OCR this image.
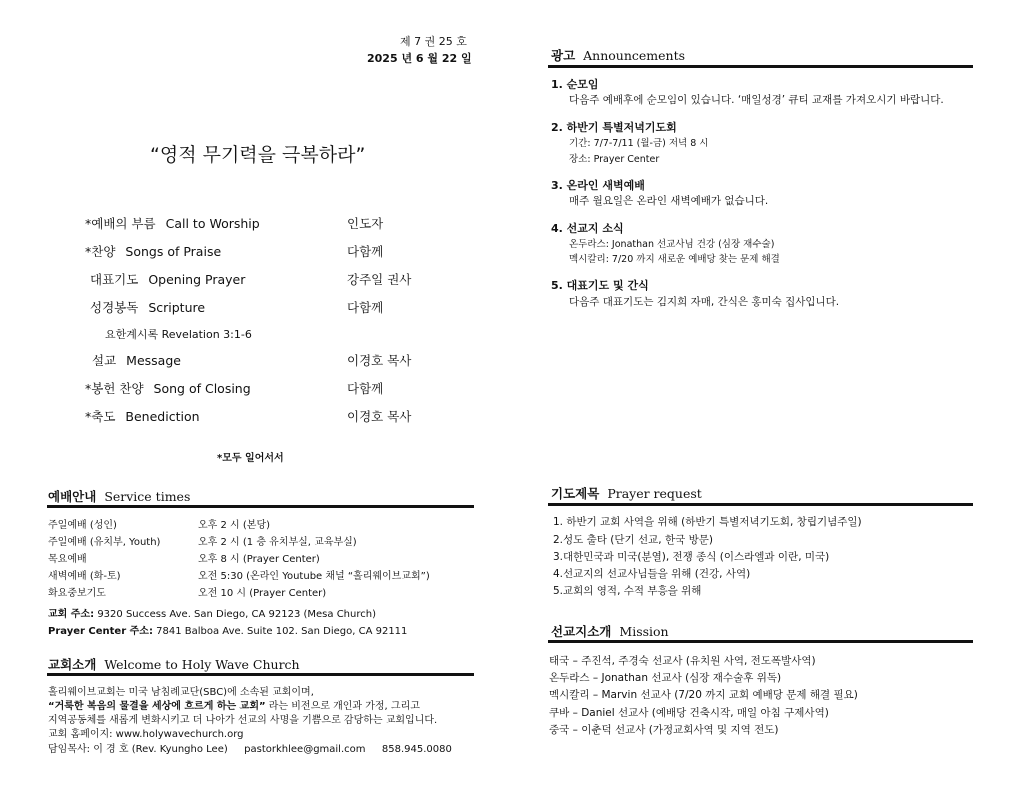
제 7 권 25 호
2025 년 6 월 22 일
“영적 무기력을 극복하라”
*예배의 부름 Call to Worship	인도자
*찬양 Songs of Praise	다함께
대표기도 Opening Prayer	강주일 권사
성경봉독 Scripture	다함께
요한계시록 Revelation 3:1-6
설교 Message	이경호 목사
*봉헌 찬양 Song of Closing	다함께
*축도 Benediction	이경호 목사
*모두 일어서서
예배안내 Service times
주일예배 (성인)	오후 2 시 (본당)
주일예배 (유치부, Youth)	오후 2 시 (1 층 유치부실, 교육부실)
목요예배	오후 8 시 (Prayer Center)
새벽예배 (화-토)	오전 5:30 (온라인 Youtube 채널 “홀리웨이브교회”)
화요중보기도	오전 10 시 (Prayer Center)
교회 주소: 9320 Success Ave. San Diego, CA 92123 (Mesa Church)
Prayer Center 주소: 7841 Balboa Ave. Suite 102. San Diego, CA 92111
교회소개 Welcome to Holy Wave Church
홀리웨이브교회는 미국 남침례교단(SBC)에 소속된 교회이며,
“거룩한 복음의 물결을 세상에 흐르게 하는 교회” 라는 비전으로 개인과 가정, 그리고
지역공동체를 새롭게 변화시키고 더 나아가 선교의 사명을 기쁨으로 감당하는 교회입니다.
교회 홈페이지: www.holywavechurch.org
담임목사: 이 경 호 (Rev. Kyungho Lee) pastorkhlee@gmail.com 858.945.0080
광고 Announcements
1. 순모임
다음주 예배후에 순모임이 있습니다. ‘매일성경’ 큐티 교재를 가져오시기 바랍니다.
2. 하반기 특별저녁기도회
기간: 7/7-7/11 (월-금) 저녁 8 시
장소: Prayer Center
3. 온라인 새벽예배
매주 월요일은 온라인 새벽예배가 없습니다.
4. 선교지 소식
온두라스: Jonathan 선교사님 건강 (심장 재수술)
멕시칼리: 7/20 까지 새로운 예배당 찾는 문제 해결
5. 대표기도 및 간식
다음주 대표기도는 김지희 자매, 간식은 홍미숙 집사입니다.
기도제목 Prayer request
1. 하반기 교회 사역을 위해 (하반기 특별저녁기도회, 창립기념주일)
2.성도 출타 (단기 선교, 한국 방문)
3.대한민국과 미국(분열), 전쟁 종식 (이스라엘과 이란, 미국)
4.선교지의 선교사님들을 위해 (건강, 사역)
5.교회의 영적, 수적 부흥을 위해
선교지소개 Mission
태국 – 주진석, 주경숙 선교사 (유치원 사역, 전도폭발사역)
온두라스 – Jonathan 선교사 (심장 재수술후 위독)
멕시칼리 – Marvin 선교사 (7/20 까지 교회 예배당 문제 해결 필요)
쿠바 – Daniel 선교사 (예배당 건축시작, 매일 아침 구제사역)
중국 – 이춘덕 선교사 (가정교회사역 및 지역 전도)
